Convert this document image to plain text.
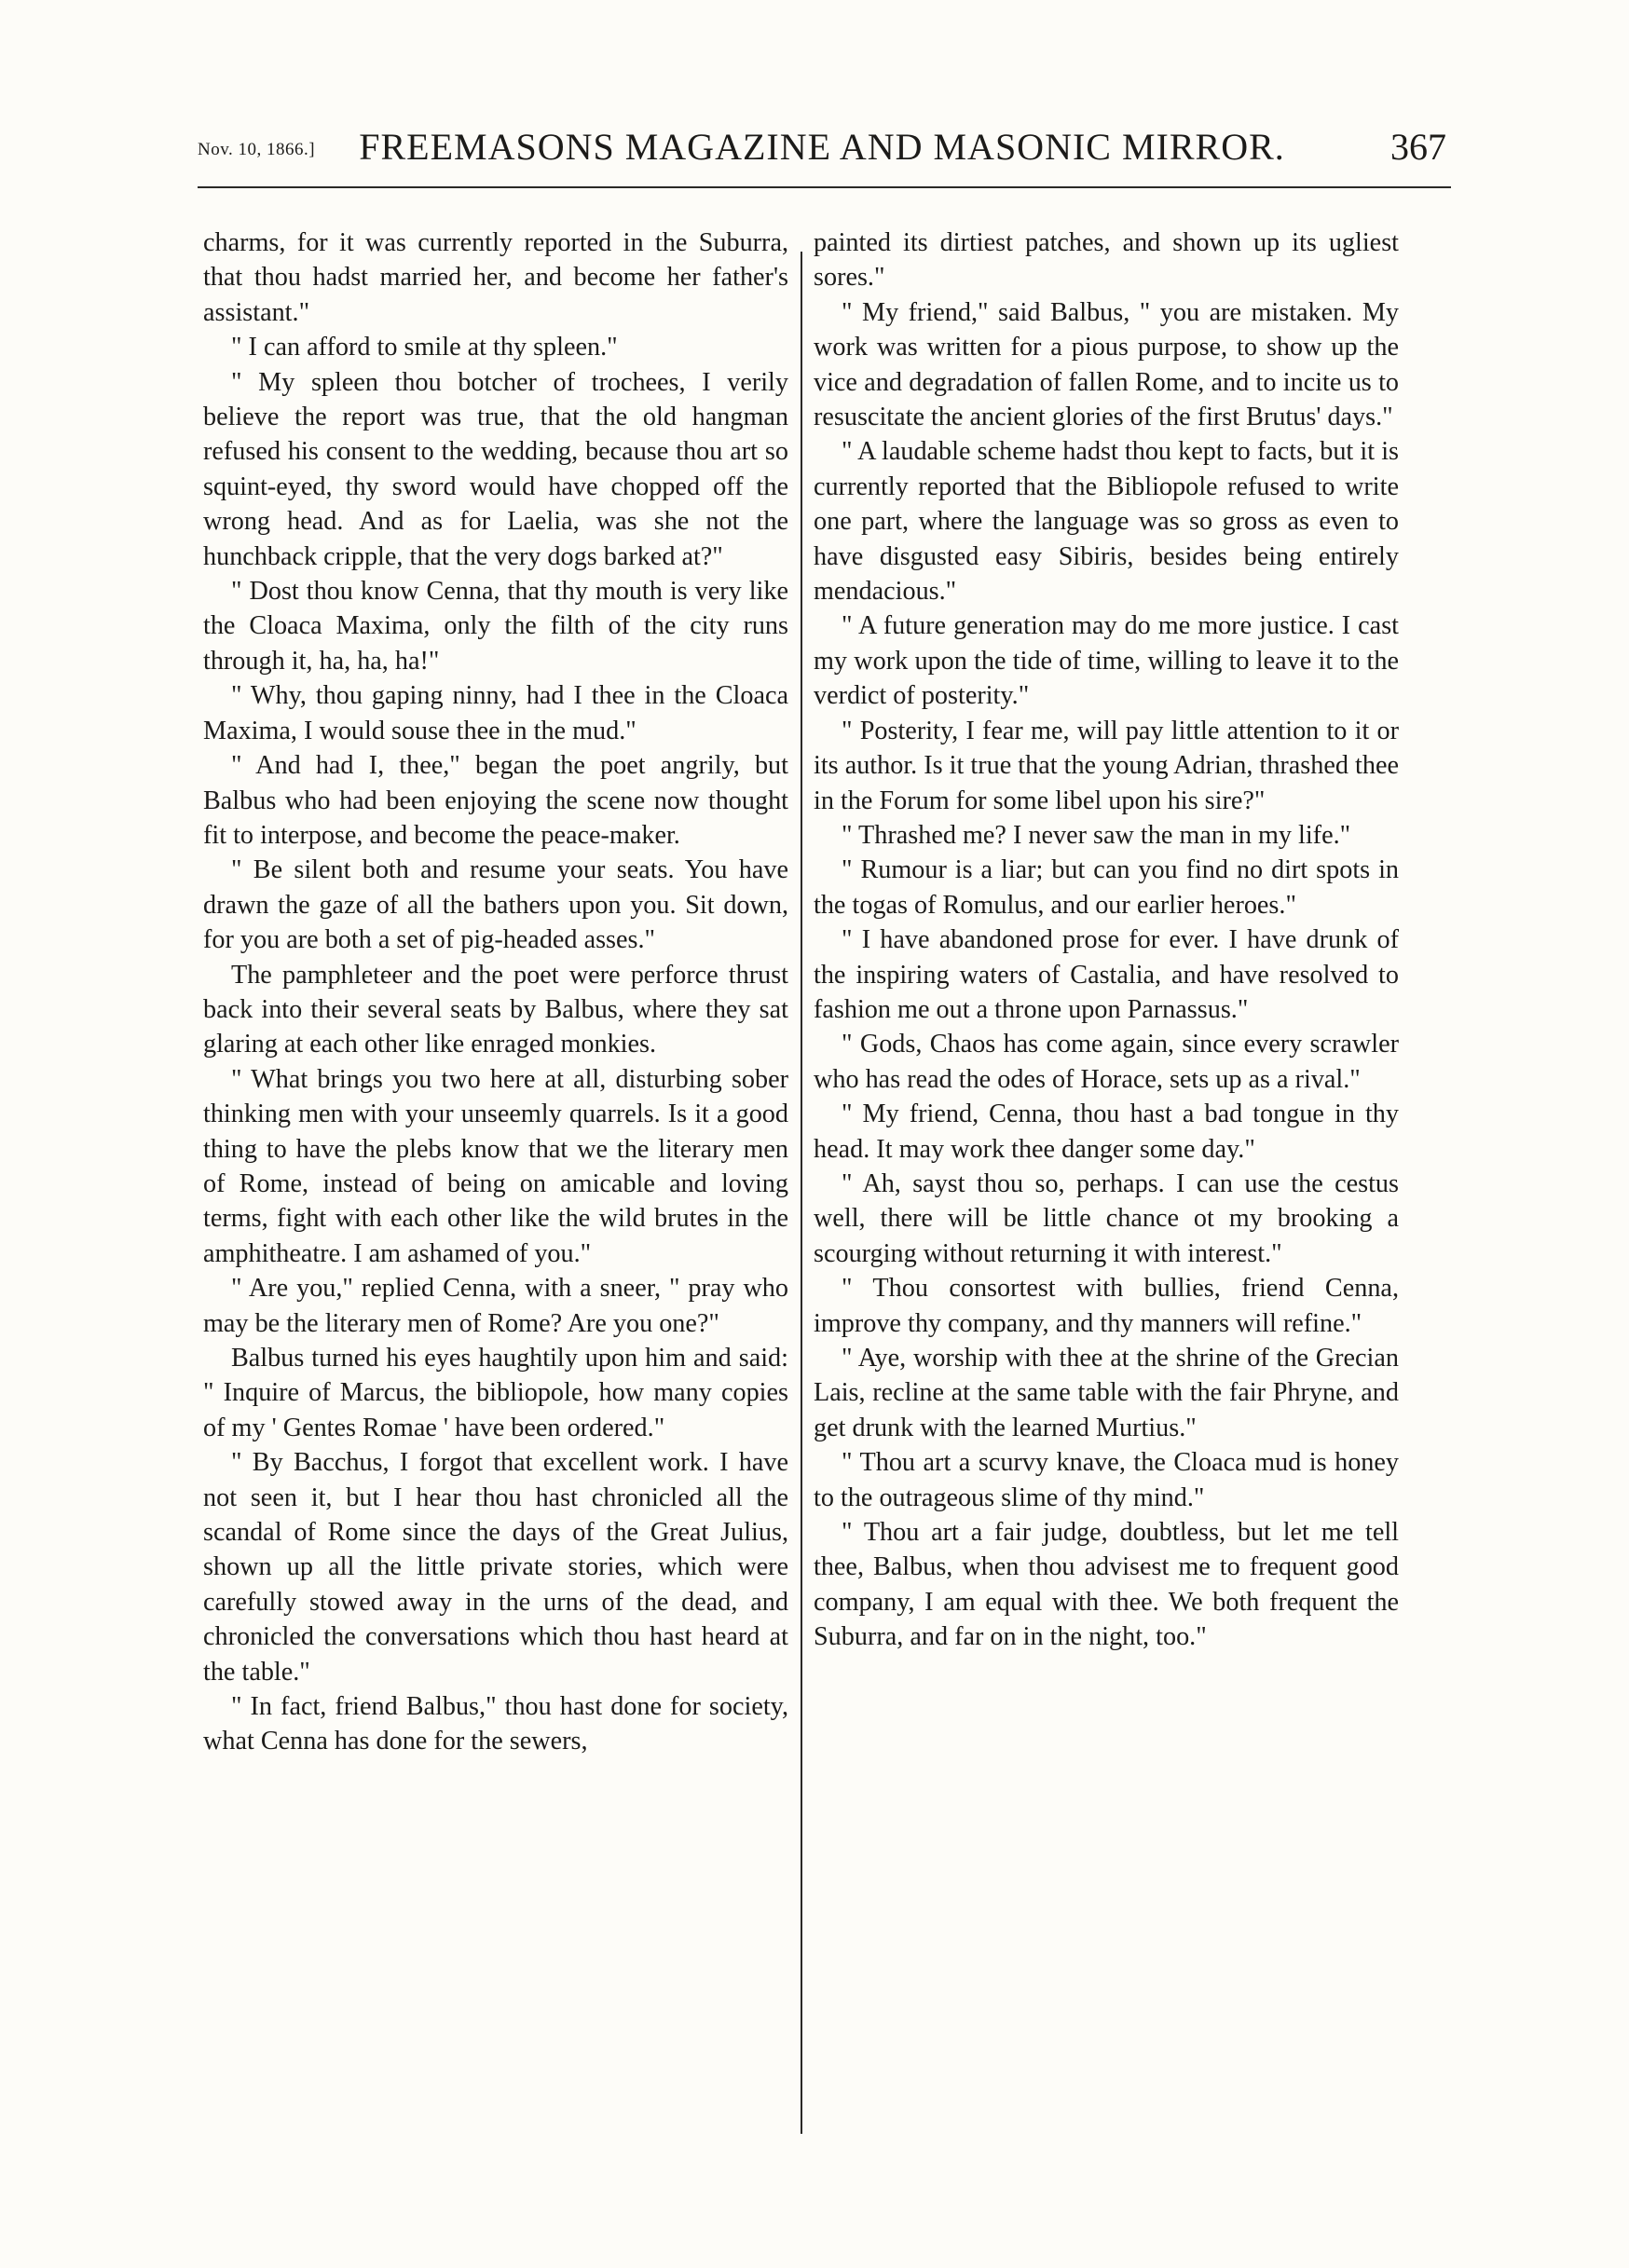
Nov. 10, 1866.]	FREEMASONS MAGAZINE AND MASONIC MIRROR.	367

charms, for it was currently reported in the Suburra, that thou hadst married her, and become her father's assistant."

" I can afford to smile at thy spleen."

" My spleen thou botcher of trochees, I verily believe the report was true, that the old hangman refused his consent to the wedding, because thou art so squint-eyed, thy sword would have chopped off the wrong head. And as for Laelia, was she not the hunchback cripple, that the very dogs barked at?"

" Dost thou know Cenna, that thy mouth is very like the Cloaca Maxima, only the filth of the city runs through it, ha, ha, ha!"

" Why, thou gaping ninny, had I thee in the Cloaca Maxima, I would souse thee in the mud."

" And had I, thee," began the poet angrily, but Balbus who had been enjoying the scene now thought fit to interpose, and become the peace-maker.

" Be silent both and resume your seats. You have drawn the gaze of all the bathers upon you. Sit down, for you are both a set of pig-headed asses."

The pamphleteer and the poet were perforce thrust back into their several seats by Balbus, where they sat glaring at each other like enraged monkies.

" What brings you two here at all, disturbing sober thinking men with your unseemly quarrels. Is it a good thing to have the plebs know that we the literary men of Rome, instead of being on amicable and loving terms, fight with each other like the wild brutes in the amphitheatre. I am ashamed of you."

" Are you," replied Cenna, with a sneer, " pray who may be the literary men of Rome? Are you one?"

Balbus turned his eyes haughtily upon him and said: " Inquire of Marcus, the bibliopole, how many copies of my ' Gentes Romae ' have been ordered."

" By Bacchus, I forgot that excellent work. I have not seen it, but I hear thou hast chronicled all the scandal of Rome since the days of the Great Julius, shown up all the little private stories, which were carefully stowed away in the urns of the dead, and chronicled the conversations which thou hast heard at the table."

" In fact, friend Balbus," thou hast done for society, what Cenna has done for the sewers,

painted its dirtiest patches, and shown up its ugliest sores."

" My friend," said Balbus, " you are mistaken. My work was written for a pious purpose, to show up the vice and degradation of fallen Rome, and to incite us to resuscitate the ancient glories of the first Brutus' days."

" A laudable scheme hadst thou kept to facts, but it is currently reported that the Bibliopole refused to write one part, where the language was so gross as even to have disgusted easy Sibiris, besides being entirely mendacious."

" A future generation may do me more justice. I cast my work upon the tide of time, willing to leave it to the verdict of posterity."

" Posterity, I fear me, will pay little attention to it or its author. Is it true that the young Adrian, thrashed thee in the Forum for some libel upon his sire?"

" Thrashed me? I never saw the man in my life."

" Rumour is a liar; but can you find no dirt spots in the togas of Romulus, and our earlier heroes."

" I have abandoned prose for ever. I have drunk of the inspiring waters of Castalia, and have resolved to fashion me out a throne upon Parnassus."

" Gods, Chaos has come again, since every scrawler who has read the odes of Horace, sets up as a rival."

" My friend, Cenna, thou hast a bad tongue in thy head. It may work thee danger some day."

" Ah, sayst thou so, perhaps. I can use the cestus well, there will be little chance ot my brooking a scourging without returning it with interest."

" Thou consortest with bullies, friend Cenna, improve thy company, and thy manners will refine."

" Aye, worship with thee at the shrine of the Grecian Lais, recline at the same table with the fair Phryne, and get drunk with the learned Murtius."

" Thou art a scurvy knave, the Cloaca mud is honey to the outrageous slime of thy mind."

" Thou art a fair judge, doubtless, but let me tell thee, Balbus, when thou advisest me to frequent good company, I am equal with thee. We both frequent the Suburra, and far on in the night, too."
